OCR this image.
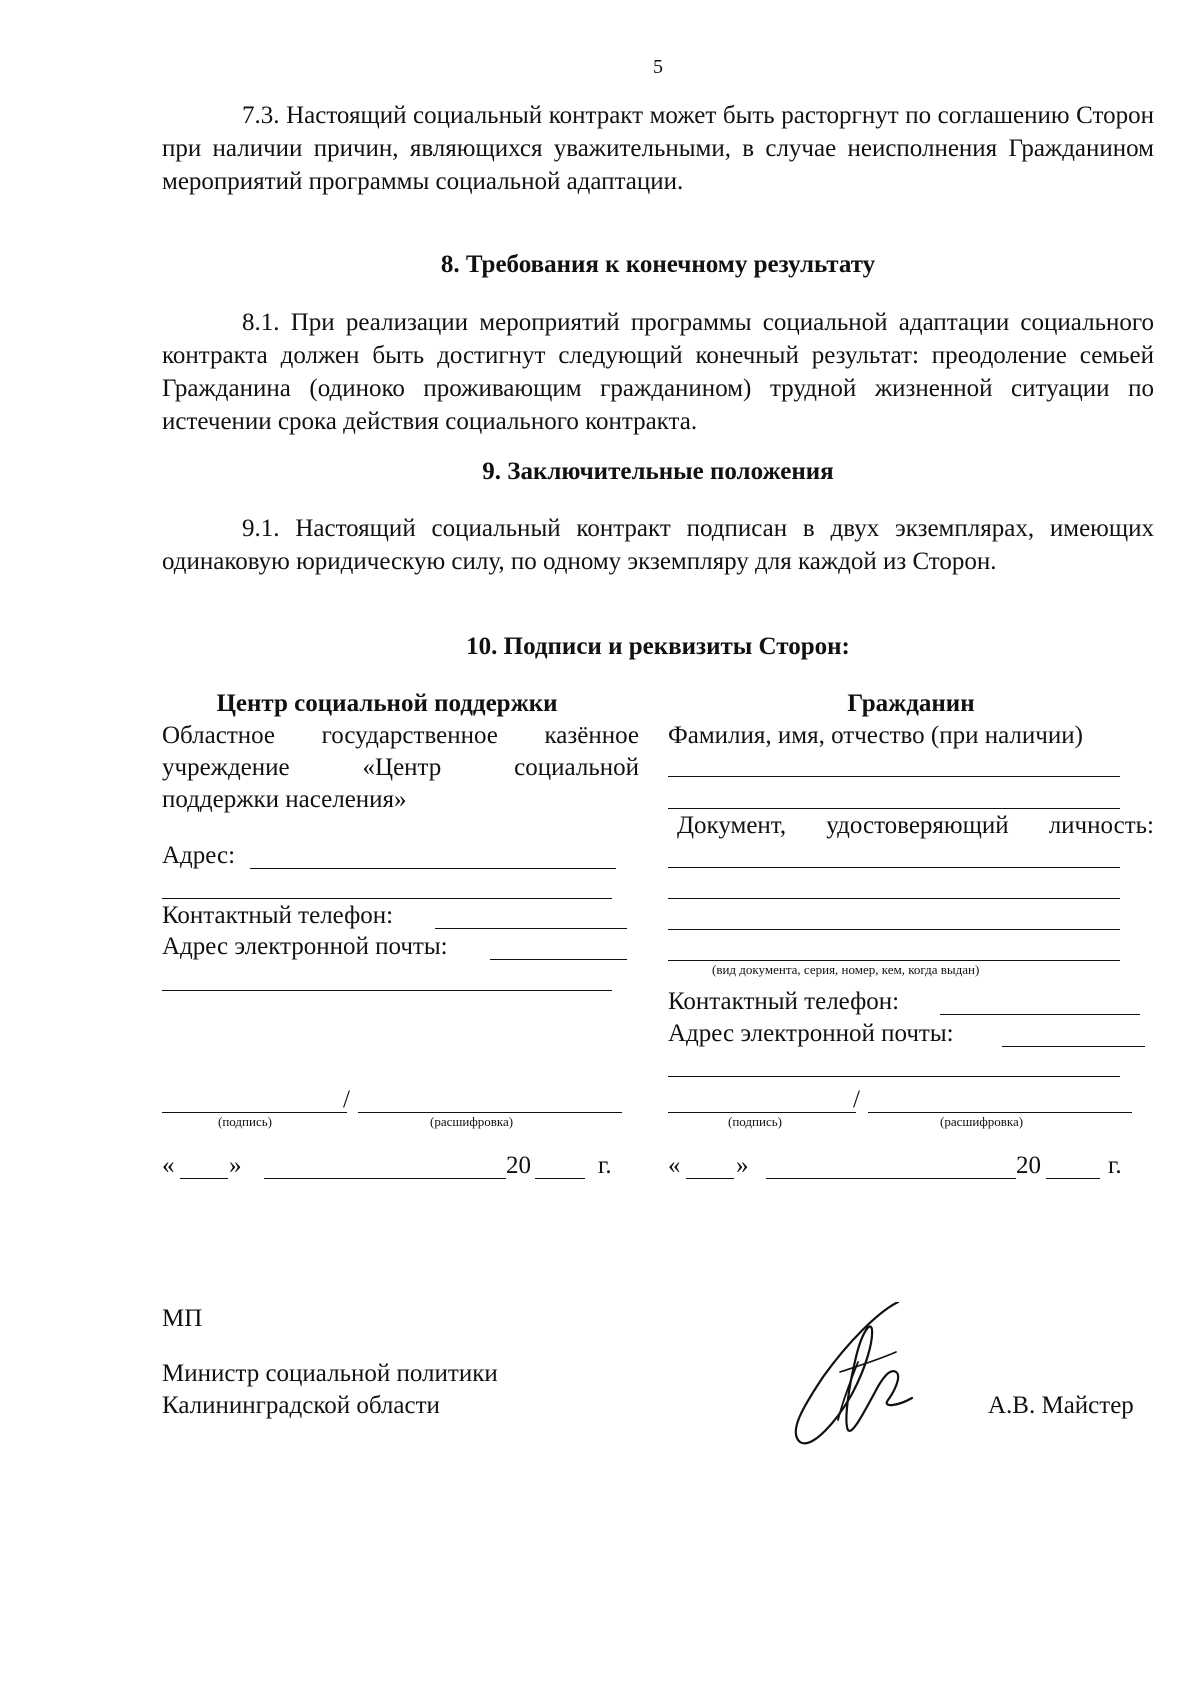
5
7.3. Настоящий социальный контракт может быть расторгнут по соглашению Сторон при наличии причин, являющихся уважительными, в случае неисполнения Гражданином мероприятий программы социальной адаптации.
8. Требования к конечному результату
8.1. При реализации мероприятий программы социальной адаптации социального контракта должен быть достигнут следующий конечный результат: преодоление семьей Гражданина (одиноко проживающим гражданином) трудной жизненной ситуации по истечении срока действия социального контракта.
9. Заключительные положения
9.1. Настоящий социальный контракт подписан в двух экземплярах, имеющих одинаковую юридическую силу, по одному экземпляру для каждой из Сторон.
10. Подписи и реквизиты Сторон:
Центр социальной поддержки
Областное государственное казённое
учреждение «Центр социальной
поддержки населения»
Адрес:
Контактный телефон:
Адрес электронной почты:
/
(подпись)	(расшифровка)
« »	20	г.
Гражданин
Фамилия, имя, отчество (при наличии)
Документ, удостоверяющий личность:
(вид документа, серия, номер, кем, когда выдан)
Контактный телефон:
Адрес электронной почты:
/
(подпись)	(расшифровка)
« »	20	г.
МП
Министр социальной политики
Калининградской области	А.В. Майстер
